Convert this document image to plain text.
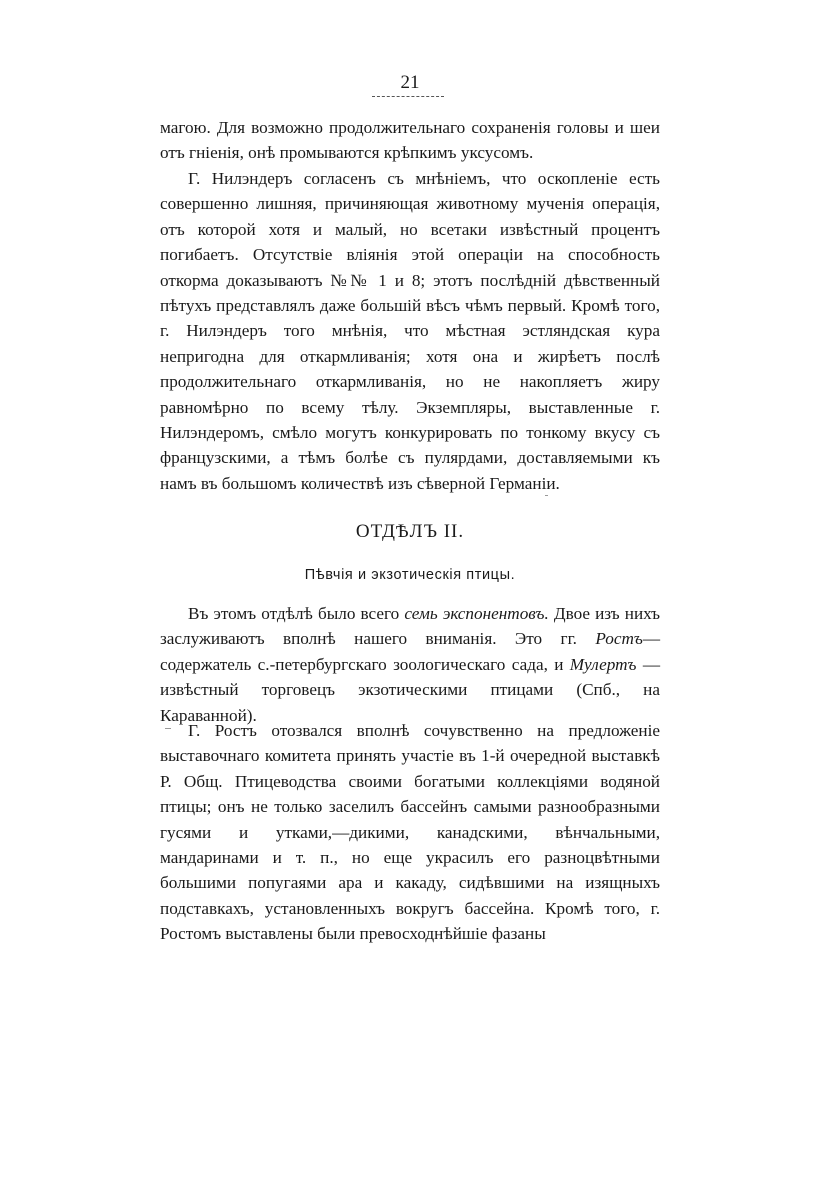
21

магою. Для возможно продолжительнаго сохраненія головы и шеи отъ гніенія, онѣ промываются крѣпкимъ уксусомъ.

Г. Нилэндеръ согласенъ съ мнѣніемъ, что оскопленіе есть совершенно лишняя, причиняющая животному мученія операція, отъ которой хотя и малый, но всетаки извѣстный процентъ погибаетъ. Отсутствіе вліянія этой операціи на способность откорма доказываютъ №№ 1 и 8; этотъ послѣдній дѣвственный пѣтухъ представлялъ даже большій вѣсъ чѣмъ первый. Кромѣ того, г. Нилэндеръ того мнѣнія, что мѣстная эстляндская кура непригодна для откармливанія; хотя она и жирѣетъ послѣ продолжительнаго откармливанія, но не накопляетъ жиру равномѣрно по всему тѣлу. Экземпляры, выставленные г. Нилэндеромъ, смѣло могутъ конкурировать по тонкому вкусу съ французскими, а тѣмъ болѣе съ пулярдами, доставляемыми къ намъ въ большомъ количествѣ изъ сѣверной Германіи.

ОТДѢЛЪ II.
Пѣвчія и экзотическія птицы.

Въ этомъ отдѣлѣ было всего семь экспонентовъ. Двое изъ нихъ заслуживаютъ вполнѣ нашего вниманія. Это гг. Ростъ— содержатель с.-петербургскаго зоологическаго сада, и Мулертъ — извѣстный торговецъ экзотическими птицами (Спб., на Караванной).

Г. Ростъ отозвался вполнѣ сочувственно на предложеніе выставочнаго комитета принять участіе въ 1-й очередной выставкѣ Р. Общ. Птицеводства своими богатыми коллекціями водяной птицы; онъ не только заселилъ бассейнъ самыми разнообразными гусями и утками,—дикими, канадскими, вѣнчальными, мандаринами и т. п., но еще украсилъ его разноцвѣтными большими попугаями ара и какаду, сидѣвшими на изящныхъ подставкахъ, установленныхъ вокругъ бассейна. Кромѣ того, г. Ростомъ выставлены были превосходнѣйшіе фазаны
